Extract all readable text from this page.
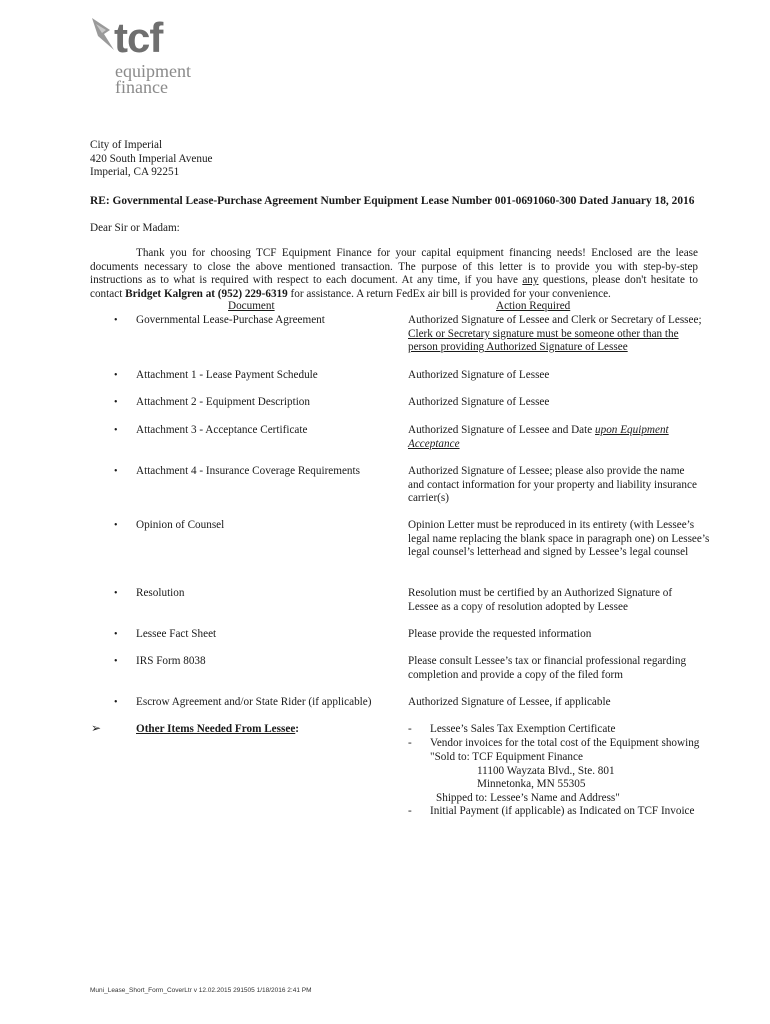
tcf
equipment
finance
City of Imperial
420 South Imperial Avenue
Imperial, CA 92251
RE: Governmental Lease-Purchase Agreement Number Equipment Lease Number 001-0691060-300 Dated January 18, 2016
Dear Sir or Madam:

Thank you for choosing TCF Equipment Finance for your capital equipment financing needs! Enclosed are the lease documents necessary to close the above mentioned transaction. The purpose of this letter is to provide you with step-by-step instructions as to what is required with respect to each document. At any time, if you have any questions, please don't hesitate to contact Bridget Kalgren at (952) 229-6319 for assistance. A return FedEx air bill is provided for your convenience.

Document	Action Required
• Governmental Lease-Purchase Agreement	Authorized Signature of Lessee and Clerk or Secretary of Lessee; Clerk or Secretary signature must be someone other than the person providing Authorized Signature of Lessee
• Attachment 1 - Lease Payment Schedule	Authorized Signature of Lessee
• Attachment 2 - Equipment Description	Authorized Signature of Lessee
• Attachment 3 - Acceptance Certificate	Authorized Signature of Lessee and Date upon Equipment Acceptance
• Attachment 4 - Insurance Coverage Requirements	Authorized Signature of Lessee; please also provide the name and contact information for your property and liability insurance carrier(s)
• Opinion of Counsel	Opinion Letter must be reproduced in its entirety (with Lessee’s legal name replacing the blank space in paragraph one) on Lessee’s legal counsel’s letterhead and signed by Lessee’s legal counsel
• Resolution	Resolution must be certified by an Authorized Signature of Lessee as a copy of resolution adopted by Lessee
• Lessee Fact Sheet	Please provide the requested information
• IRS Form 8038	Please consult Lessee’s tax or financial professional regarding completion and provide a copy of the filed form
• Escrow Agreement and/or State Rider (if applicable)	Authorized Signature of Lessee, if applicable
➢	Other Items Needed From Lessee:	- Lessee’s Sales Tax Exemption Certificate
- Vendor invoices for the total cost of the Equipment showing
"Sold to: TCF Equipment Finance
11100 Wayzata Blvd., Ste. 801
Minnetonka, MN 55305
Shipped to: Lessee’s Name and Address"
- Initial Payment (if applicable) as Indicated on TCF Invoice
Muni_Lease_Short_Form_CoverLtr v 12.02.2015 291505 1/18/2016 2:41 PM
